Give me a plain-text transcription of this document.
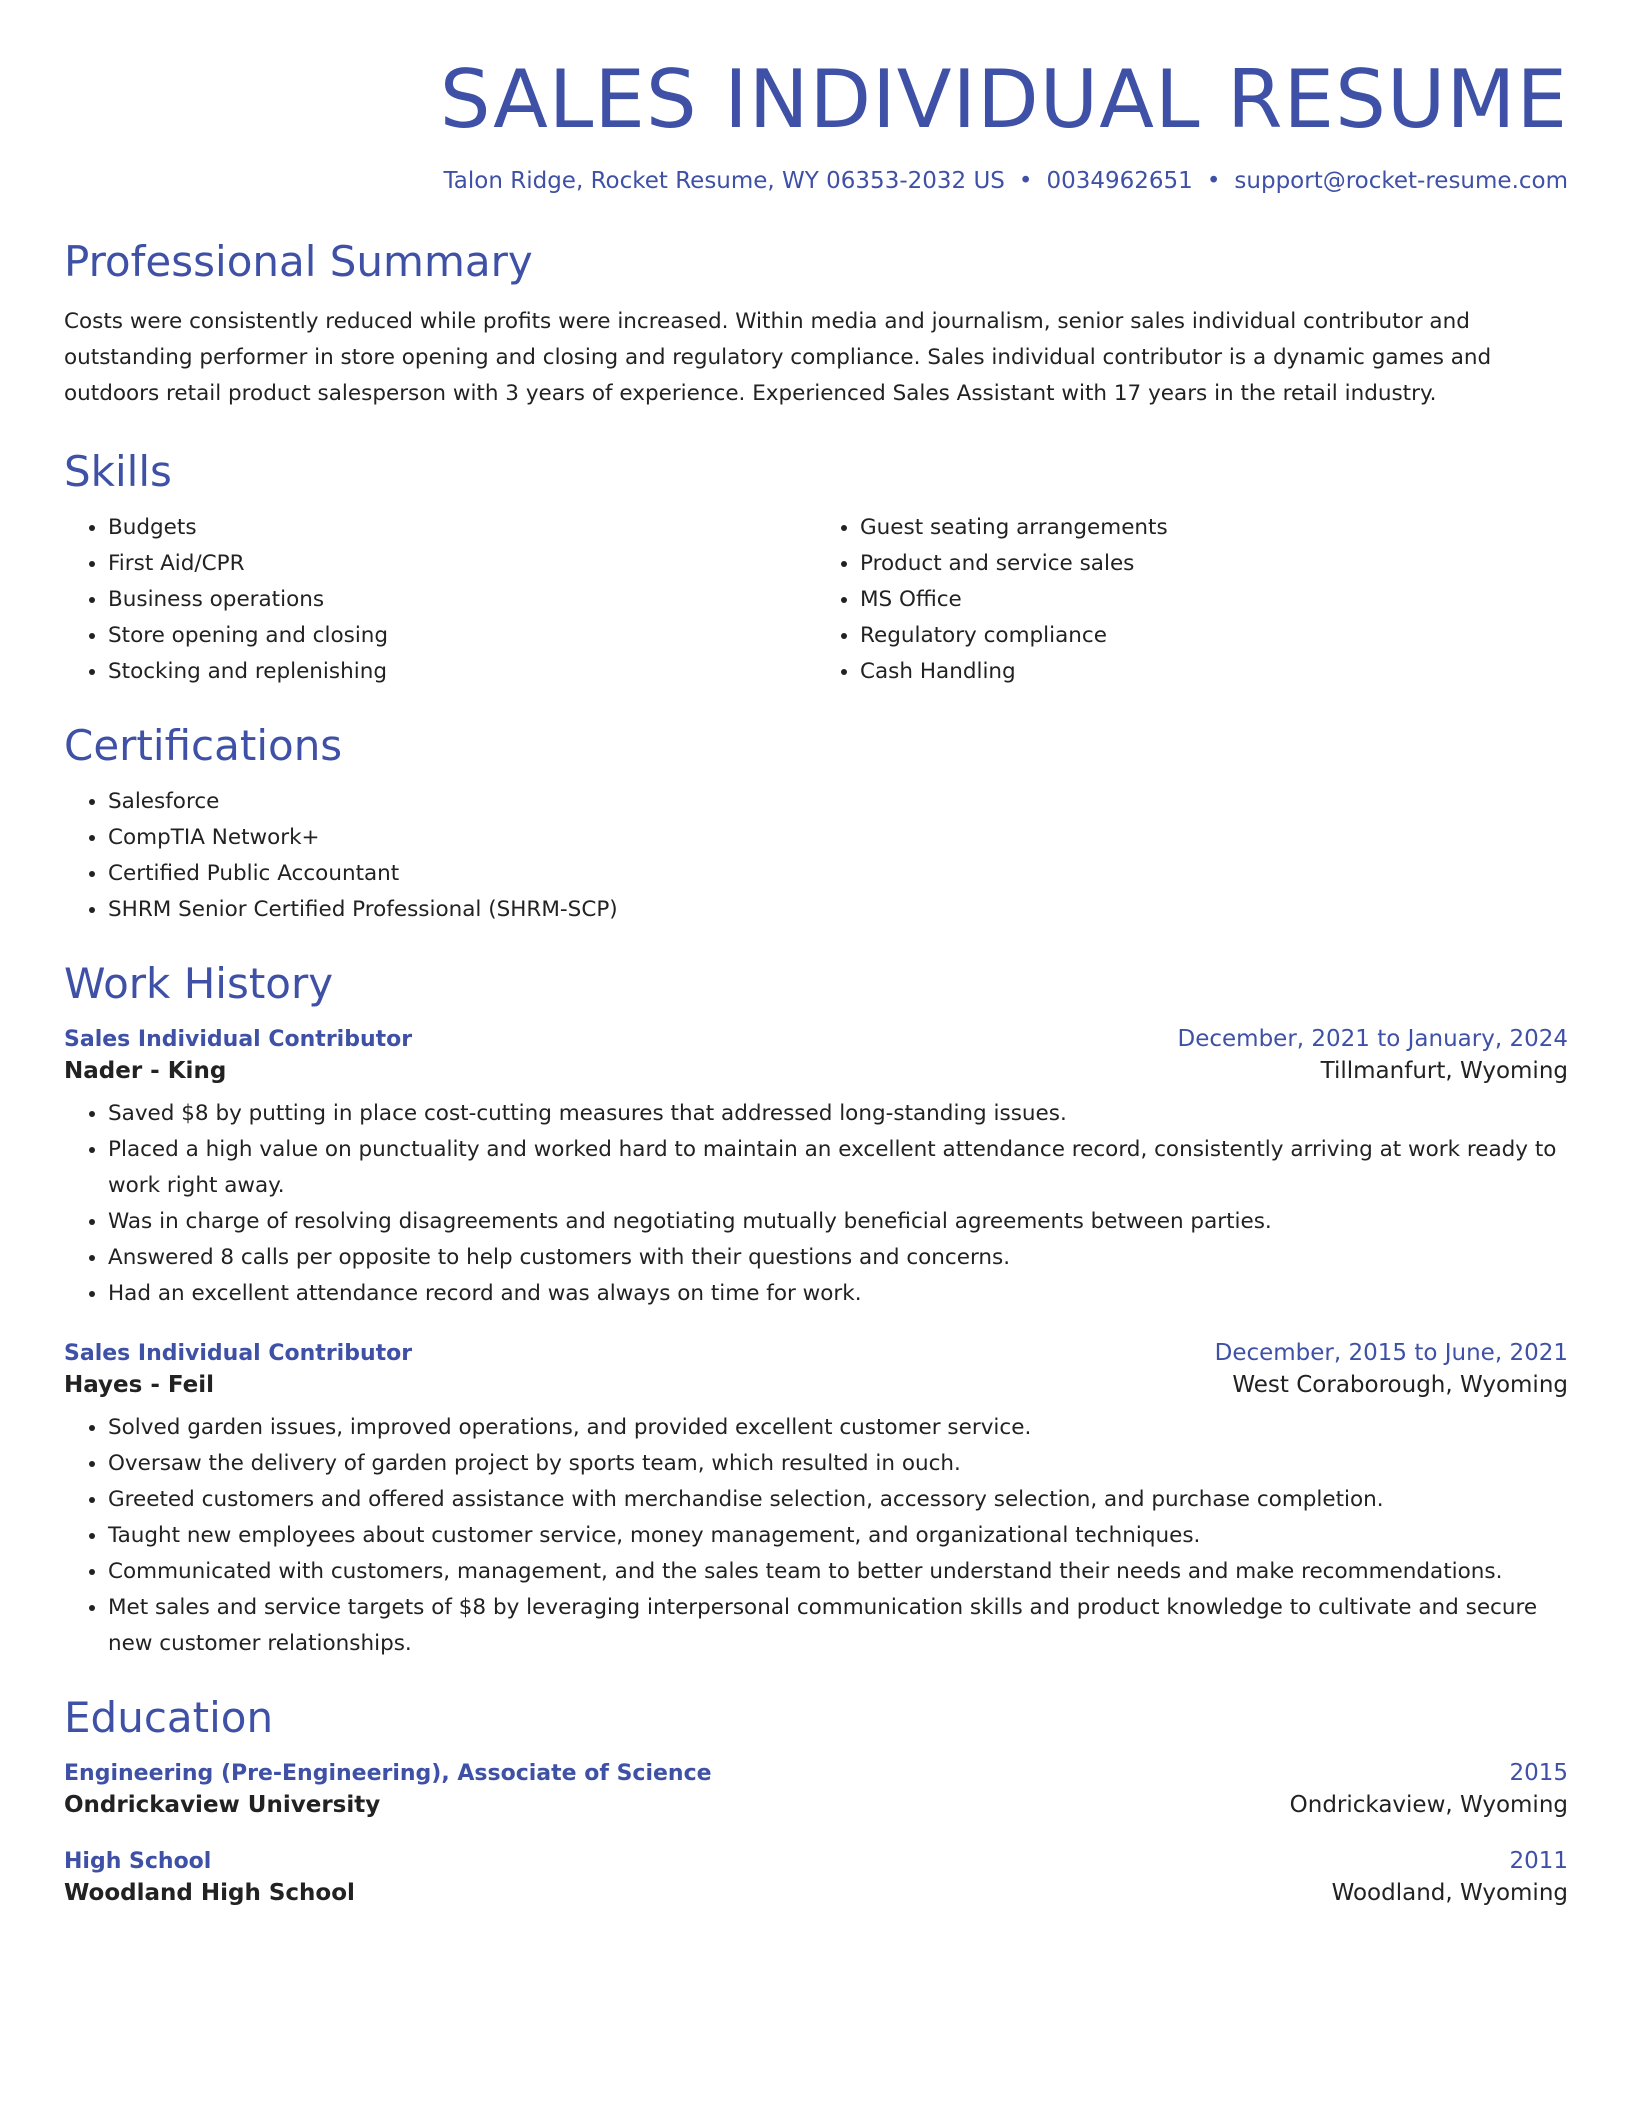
SALES INDIVIDUAL RESUME
Talon Ridge, Rocket Resume, WY 06353-2032 US • 0034962651 • support@rocket-resume.com
Professional Summary

Costs were consistently reduced while profits were increased. Within media and journalism, senior sales individual contributor and outstanding performer in store opening and closing and regulatory compliance. Sales individual contributor is a dynamic games and outdoors retail product salesperson with 3 years of experience. Experienced Sales Assistant with 17 years in the retail industry.

Skills
• Budgets
• First Aid/CPR
• Business operations
• Store opening and closing
• Stocking and replenishing
• Guest seating arrangements
• Product and service sales
• MS Office
• Regulatory compliance
• Cash Handling
Certifications
• Salesforce
• CompTIA Network+
• Certified Public Accountant
• SHRM Senior Certified Professional (SHRM-SCP)
Work History
Sales Individual Contributor	December, 2021 to January, 2024
Nader - King	Tillmanfurt, Wyoming
• Saved $8 by putting in place cost-cutting measures that addressed long-standing issues.
• Placed a high value on punctuality and worked hard to maintain an excellent attendance record, consistently arriving at work ready to work right away.
• Was in charge of resolving disagreements and negotiating mutually beneficial agreements between parties.
• Answered 8 calls per opposite to help customers with their questions and concerns.
• Had an excellent attendance record and was always on time for work.
Sales Individual Contributor	December, 2015 to June, 2021
Hayes - Feil	West Coraborough, Wyoming
• Solved garden issues, improved operations, and provided excellent customer service.
• Oversaw the delivery of garden project by sports team, which resulted in ouch.
• Greeted customers and offered assistance with merchandise selection, accessory selection, and purchase completion.
• Taught new employees about customer service, money management, and organizational techniques.
• Communicated with customers, management, and the sales team to better understand their needs and make recommendations.
• Met sales and service targets of $8 by leveraging interpersonal communication skills and product knowledge to cultivate and secure new customer relationships.
Education
Engineering (Pre-Engineering), Associate of Science	2015
Ondrickaview University	Ondrickaview, Wyoming
High School	2011
Woodland High School	Woodland, Wyoming
